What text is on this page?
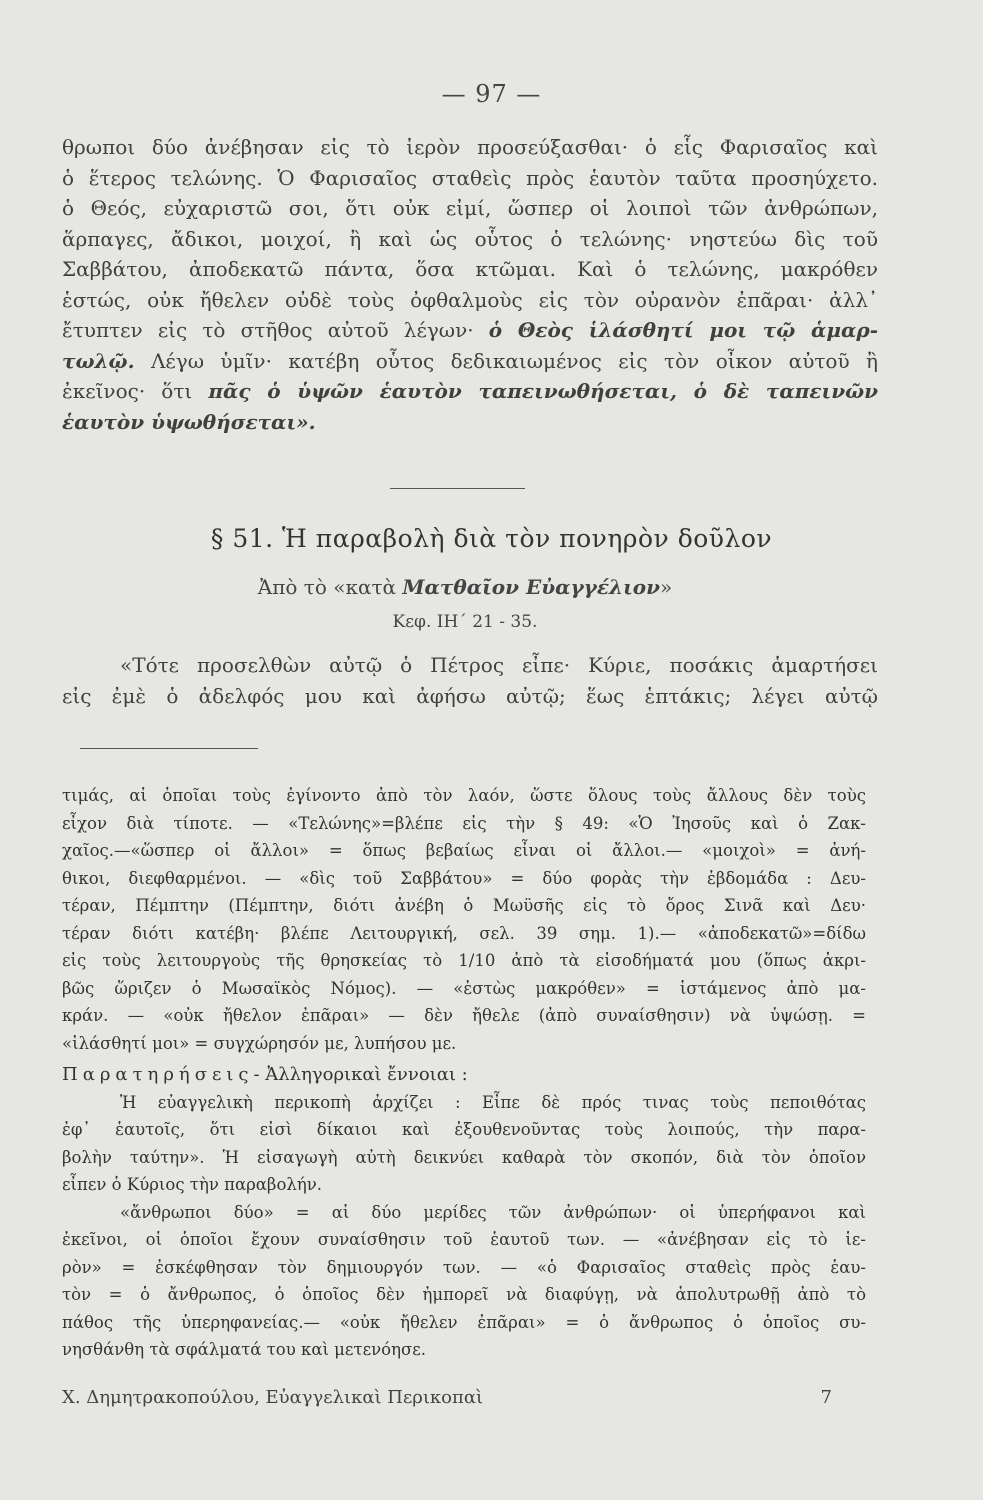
— 97 —
θρωποι δύο ἀνέβησαν εἰς τὸ ἱερὸν προσεύξασθαι· ὁ εἷς Φαρισαῖος καὶ
ὁ ἕτερος τελώνης. Ὁ Φαρισαῖος σταθεὶς πρὸς ἑαυτὸν ταῦτα προσηύχετο.
ὁ Θεός, εὐχαριστῶ σοι, ὅτι οὐκ εἰμί, ὥσπερ οἱ λοιποὶ τῶν ἀνθρώπων,
ἅρπαγες, ἄδικοι, μοιχοί, ἢ καὶ ὡς οὗτος ὁ τελώνης· νηστεύω δὶς τοῦ
Σαββάτου, ἀποδεκατῶ πάντα, ὅσα κτῶμαι. Καὶ ὁ τελώνης, μακρόθεν
ἑστώς, οὐκ ἤθελεν οὐδὲ τοὺς ὀφθαλμοὺς εἰς τὸν οὐρανὸν ἐπᾶραι· ἀλλ᾽
ἔτυπτεν εἰς τὸ στῆθος αὐτοῦ λέγων· ὁ Θεὸς ἱλάσθητί μοι τῷ ἁμαρ-
τωλῷ. Λέγω ὑμῖν· κατέβη οὗτος δεδικαιωμένος εἰς τὸν οἶκον αὐτοῦ ἢ
ἐκεῖνος· ὅτι πᾶς ὁ ὑψῶν ἑαυτὸν ταπεινωθήσεται, ὁ δὲ ταπεινῶν
ἑαυτὸν ὑψωθήσεται».
§ 51. Ἡ παραβολὴ διὰ τὸν πονηρὸν δοῦλον
Ἀπὸ τὸ «κατὰ Ματθαῖον Εὐαγγέλιον»
Κεφ. ΙΗ΄ 21 - 35.
«Τότε προσελθὼν αὐτῷ ὁ Πέτρος εἶπε· Κύριε, ποσάκις ἁμαρτήσει
εἰς ἐμὲ ὁ ἀδελφός μου καὶ ἀφήσω αὐτῷ; ἕως ἑπτάκις; λέγει αὐτῷ
τιμάς, αἱ ὁποῖαι τοὺς ἐγίνοντο ἀπὸ τὸν λαόν, ὥστε ὅλους τοὺς ἄλλους δὲν τοὺς
εἶχον διὰ τίποτε. — «Τελώνης»=βλέπε εἰς τὴν § 49: «Ὁ Ἰησοῦς καὶ ὁ Ζακ-
χαῖος.—«ὥσπερ οἱ ἄλλοι» = ὅπως βεβαίως εἶναι οἱ ἄλλοι.— «μοιχοὶ» = ἀνή-
θικοι, διεφθαρμένοι. — «δὶς τοῦ Σαββάτου» = δύο φορὰς τὴν ἑβδομάδα : Δευ-
τέραν, Πέμπτην (Πέμπτην, διότι ἀνέβη ὁ Μωϋσῆς εἰς τὸ ὄρος Σινᾶ καὶ Δευ·
τέραν διότι κατέβη· βλέπε Λειτουργική, σελ. 39 σημ. 1).— «ἀποδεκατῶ»=δίδω
εἰς τοὺς λειτουργοὺς τῆς θρησκείας τὸ 1/10 ἀπὸ τὰ εἰσοδήματά μου (ὅπως ἀκρι-
βῶς ὥριζεν ὁ Μωσαϊκὸς Νόμος). — «ἑστὼς μακρόθεν» = ἱστάμενος ἀπὸ μα-
κράν. — «οὐκ ἤθελον ἐπᾶραι» — δὲν ἤθελε (ἀπὸ συναίσθησιν) νὰ ὑψώσῃ. =
«ἱλάσθητί μοι» = συγχώρησόν με, λυπήσου με.
Παρατηρήσεις- Ἀλληγορικαὶ ἔννοιαι :
Ἡ εὐαγγελικὴ περικοπὴ ἀρχίζει : Εἶπε δὲ πρός τινας τοὺς πεποιθότας
ἐφ᾽ ἑαυτοῖς, ὅτι εἰσὶ δίκαιοι καὶ ἐξουθενοῦντας τοὺς λοιπούς, τὴν παρα-
βολὴν ταύτην». Ἡ εἰσαγωγὴ αὐτὴ δεικνύει καθαρὰ τὸν σκοπόν, διὰ τὸν ὁποῖον
εἶπεν ὁ Κύριος τὴν παραβολήν.
«ἄνθρωποι δύο» = αἱ δύο μερίδες τῶν ἀνθρώπων· οἱ ὑπερήφανοι καὶ
ἐκεῖνοι, οἱ ὁποῖοι ἔχουν συναίσθησιν τοῦ ἑαυτοῦ των. — «ἀνέβησαν εἰς τὸ ἱε-
ρὸν» = ἐσκέφθησαν τὸν δημιουργόν των. — «ὁ Φαρισαῖος σταθεὶς πρὸς ἑαυ-
τὸν = ὁ ἄνθρωπος, ὁ ὁποῖος δὲν ἠμπορεῖ νὰ διαφύγῃ, νὰ ἀπολυτρωθῇ ἀπὸ τὸ
πάθος τῆς ὑπερηφανείας.— «οὐκ ἤθελεν ἐπᾶραι» = ὁ ἄνθρωπος ὁ ὁποῖος συ-
νησθάνθη τὰ σφάλματά του καὶ μετενόησε.
Χ. Δημητρακοπούλου, Εὐαγγελικαὶ Περικοπαὶ	7
